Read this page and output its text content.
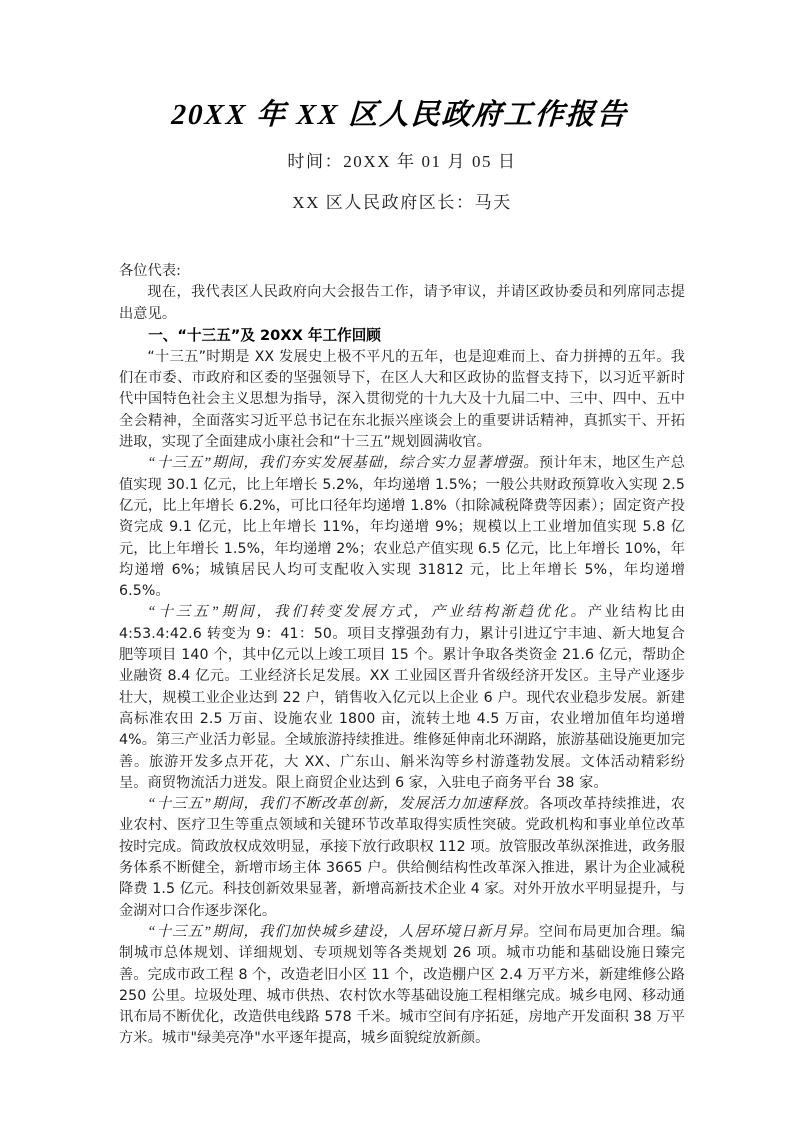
20XX 年 XX 区人民政府工作报告
时间：20XX 年 01 月 05 日
XX 区人民政府区长：马天

各位代表:

现在，我代表区人民政府向大会报告工作，请予审议，并请区政协委员和列席同志提出意见。

一、“十三五”及 20XX 年工作回顾

“十三五”时期是 XX 发展史上极不平凡的五年，也是迎难而上、奋力拼搏的五年。我们在市委、市政府和区委的坚强领导下，在区人大和区政协的监督支持下，以习近平新时代中国特色社会主义思想为指导，深入贯彻党的十九大及十九届二中、三中、四中、五中全会精神，全面落实习近平总书记在东北振兴座谈会上的重要讲话精神，真抓实干、开拓进取，实现了全面建成小康社会和“十三五”规划圆满收官。

“十三五”期间，我们夯实发展基础，综合实力显著增强。预计年末，地区生产总值实现 30.1 亿元，比上年增长 5.2%，年均递增 1.5%；一般公共财政预算收入实现 2.5 亿元，比上年增长 6.2%，可比口径年均递增 1.8%（扣除减税降费等因素）；固定资产投资完成 9.1 亿元，比上年增长 11%，年均递增 9%；规模以上工业增加值实现 5.8 亿元，比上年增长 1.5%，年均递增 2%；农业总产值实现 6.5 亿元，比上年增长 10%，年均递增 6%；城镇居民人均可支配收入实现 31812 元，比上年增长 5%，年均递增 6.5%。

“十三五”期间，我们转变发展方式，产业结构渐趋优化。产业结构比由 4:53.4:42.6 转变为 9：41：50。项目支撑强劲有力，累计引进辽宁丰迪、新大地复合肥等项目 140 个，其中亿元以上竣工项目 15 个。累计争取各类资金 21.6 亿元，帮助企业融资 8.4 亿元。工业经济长足发展。XX 工业园区晋升省级经济开发区。主导产业逐步壮大，规模工业企业达到 22 户，销售收入亿元以上企业 6 户。现代农业稳步发展。新建高标准农田 2.5 万亩、设施农业 1800 亩，流转土地 4.5 万亩，农业增加值年均递增 4%。第三产业活力彰显。全域旅游持续推进。维修延伸南北环湖路，旅游基础设施更加完善。旅游开发多点开花，大 XX、广东山、斛米沟等乡村游蓬勃发展。文体活动精彩纷呈。商贸物流活力迸发。限上商贸企业达到 6 家，入驻电子商务平台 38 家。

“十三五”期间，我们不断改革创新，发展活力加速释放。各项改革持续推进，农业农村、医疗卫生等重点领域和关键环节改革取得实质性突破。党政机构和事业单位改革按时完成。简政放权成效明显，承接下放行政职权 112 项。放管服改革纵深推进，政务服务体系不断健全，新增市场主体 3665 户。供给侧结构性改革深入推进，累计为企业减税降费 1.5 亿元。科技创新效果显著，新增高新技术企业 4 家。对外开放水平明显提升，与金湖对口合作逐步深化。

“十三五”期间，我们加快城乡建设，人居环境日新月异。空间布局更加合理。编制城市总体规划、详细规划、专项规划等各类规划 26 项。城市功能和基础设施日臻完善。完成市政工程 8 个，改造老旧小区 11 个，改造棚户区 2.4 万平方米，新建维修公路 250 公里。垃圾处理、城市供热、农村饮水等基础设施工程相继完成。城乡电网、移动通讯布局不断优化，改造供电线路 578 千米。城市空间有序拓延，房地产开发面积 38 万平方米。城市"绿美亮净"水平逐年提高，城乡面貌绽放新颜。
